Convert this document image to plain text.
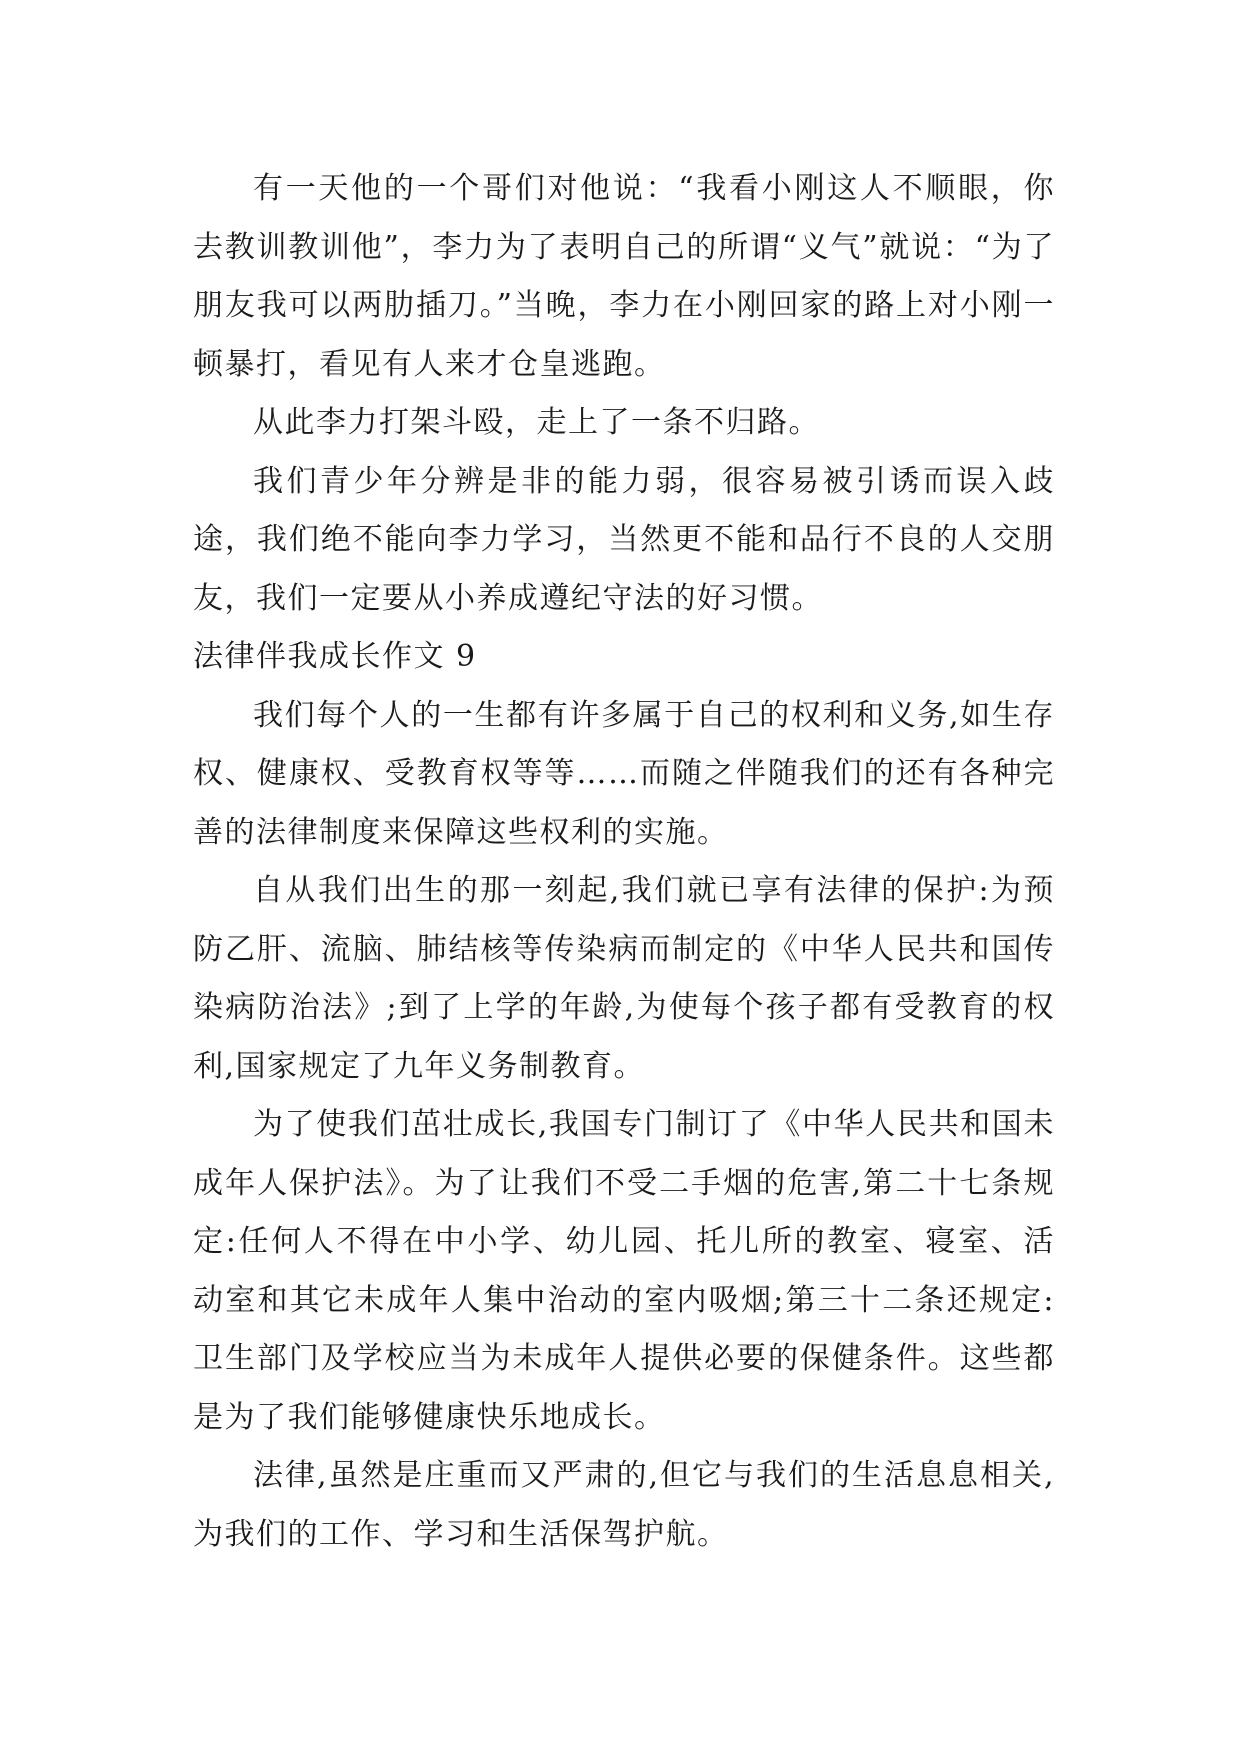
有一天他的一个哥们对他说：“我看小刚这人不顺眼，你去教训教训他”，李力为了表明自己的所谓“义气”就说：“为了朋友我可以两肋插刀。”当晚，李力在小刚回家的路上对小刚一顿暴打，看见有人来才仓皇逃跑。

从此李力打架斗殴，走上了一条不归路。

我们青少年分辨是非的能力弱，很容易被引诱而误入歧途，我们绝不能向李力学习，当然更不能和品行不良的人交朋友，我们一定要从小养成遵纪守法的好习惯。

法律伴我成长作文 9

我们每个人的一生都有许多属于自己的权利和义务,如生存权、健康权、受教育权等等……而随之伴随我们的还有各种完善的法律制度来保障这些权利的实施。

自从我们出生的那一刻起,我们就已享有法律的保护:为预防乙肝、流脑、肺结核等传染病而制定的《中华人民共和国传染病防治法》;到了上学的年龄,为使每个孩子都有受教育的权利,国家规定了九年义务制教育。

为了使我们茁壮成长,我国专门制订了《中华人民共和国未成年人保护法》。为了让我们不受二手烟的危害,第二十七条规定:任何人不得在中小学、幼儿园、托儿所的教室、寝室、活动室和其它未成年人集中治动的室内吸烟;第三十二条还规定:卫生部门及学校应当为未成年人提供必要的保健条件。这些都是为了我们能够健康快乐地成长。

法律,虽然是庄重而又严肃的,但它与我们的生活息息相关,为我们的工作、学习和生活保驾护航。
